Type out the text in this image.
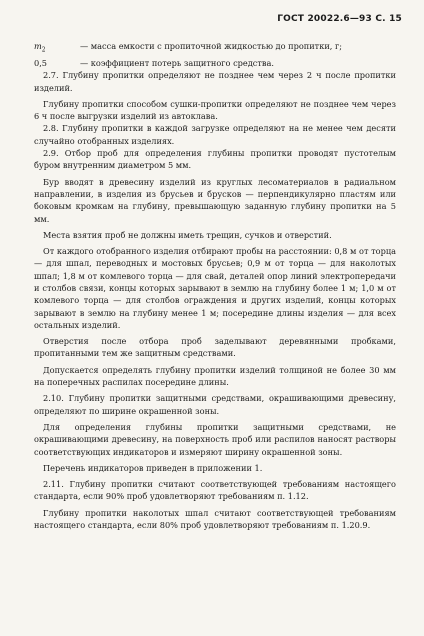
ГОСТ 20022.6—93 С. 15
$m_2$	— масса емкости с пропиточной жидкостью до пропитки, г;
0,5	— коэффициент потерь защитного средства.

2.7. Глубину пропитки определяют не позднее чем через 2 ч после пропитки изделий.

Глубину пропитки способом сушки-пропитки определяют не позднее чем через 6 ч после выгрузки изделий из автоклава.

2.8. Глубину пропитки в каждой загрузке определяют на не менее чем десяти случайно отобранных изделиях.

2.9. Отбор проб для определения глубины пропитки проводят пустотелым буром внутренним диаметром 5 мм.

Бур вводят в древесину изделий из круглых лесоматериалов в радиальном направлении, в изделия из брусьев и брусков — перпендикулярно пластям или боковым кромкам на глубину, превышающую заданную глубину пропитки на 5 мм.

Места взятия проб не должны иметь трещин, сучков и отверстий.

От каждого отобранного изделия отбирают пробы на расстоянии: 0,8 м от торца — для шпал, переводных и мостовых брусьев; 0,9 м от торца — для наколотых шпал; 1,8 м от комлевого торца — для свай, деталей опор линий электропередачи и столбов связи, концы которых зарывают в землю на глубину более 1 м; 1,0 м от комлевого торца — для столбов ограждения и других изделий, концы которых зарывают в землю на глубину менее 1 м; посередине длины изделия — для всех остальных изделий.

Отверстия после отбора проб заделывают деревянными пробками, пропитанными тем же защитным средствами.

Допускается определять глубину пропитки изделий толщиной не более 30 мм на поперечных распилах посередине длины.

2.10. Глубину пропитки защитными средствами, окрашивающими древесину, определяют по ширине окрашенной зоны.

Для определения глубины пропитки защитными средствами, не окрашивающими древесину, на поверхность проб или распилов наносят растворы соответствующих индикаторов и измеряют ширину окрашенной зоны.

Перечень индикаторов приведен в приложении 1.

2.11. Глубину пропитки считают соответствующей требованиям настоящего стандарта, если 90% проб удовлетворяют требованиям п. 1.12.

Глубину пропитки наколотых шпал считают соответствующей требованиям настоящего стандарта, если 80% проб удовлетворяют требованиям п. 1.20.9.
